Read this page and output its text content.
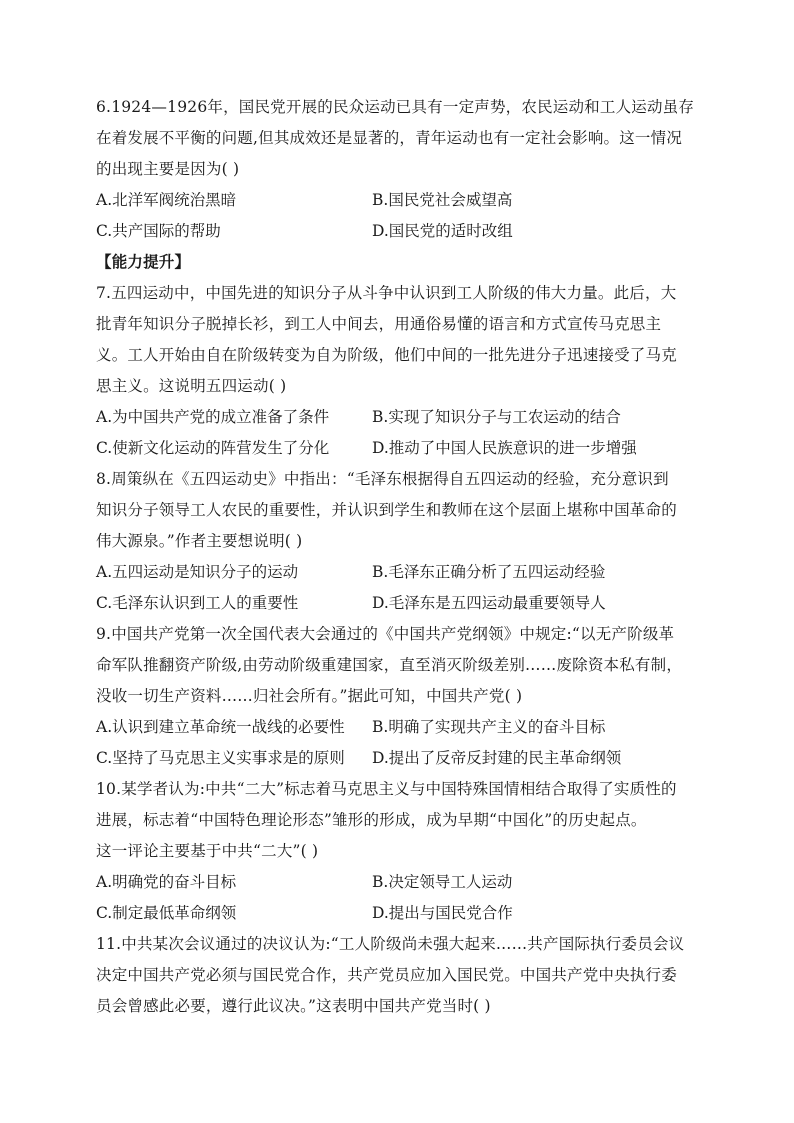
6.1924—1926年，国民党开展的民众运动已具有一定声势，农民运动和工人运动虽存
在着发展不平衡的问题,但其成效还是显著的，青年运动也有一定社会影响。这一情况
的出现主要是因为( )
A.北洋军阀统治黑暗	B.国民党社会威望高
C.共产国际的帮助	D.国民党的适时改组
【能力提升】
7.五四运动中，中国先进的知识分子从斗争中认识到工人阶级的伟大力量。此后，大
批青年知识分子脱掉长衫，到工人中间去，用通俗易懂的语言和方式宣传马克思主
义。工人开始由自在阶级转变为自为阶级，他们中间的一批先进分子迅速接受了马克
思主义。这说明五四运动( )
A.为中国共产党的成立准备了条件	B.实现了知识分子与工农运动的结合
C.使新文化运动的阵营发生了分化	D.推动了中国人民族意识的进一步增强
8.周策纵在《五四运动史》中指出：“毛泽东根据得自五四运动的经验，充分意识到
知识分子领导工人农民的重要性，并认识到学生和教师在这个层面上堪称中国革命的
伟大源泉。”作者主要想说明( )
A.五四运动是知识分子的运动	B.毛泽东正确分析了五四运动经验
C.毛泽东认识到工人的重要性	D.毛泽东是五四运动最重要领导人
9.中国共产党第一次全国代表大会通过的《中国共产党纲领》中规定:“以无产阶级革
命军队推翻资产阶级,由劳动阶级重建国家，直至消灭阶级差别……废除资本私有制，
没收一切生产资料……归社会所有。”据此可知，中国共产党( )
A.认识到建立革命统一战线的必要性	B.明确了实现共产主义的奋斗目标
C.坚持了马克思主义实事求是的原则	D.提出了反帝反封建的民主革命纲领
10.某学者认为:中共“二大”标志着马克思主义与中国特殊国情相结合取得了实质性的
进展，标志着“中国特色理论形态”雏形的形成，成为早期“中国化”的历史起点。
这一评论主要基于中共“二大”( )
A.明确党的奋斗目标	B.决定领导工人运动
C.制定最低革命纲领	D.提出与国民党合作
11.中共某次会议通过的决议认为:“工人阶级尚未强大起来……共产国际执行委员会议
决定中国共产党必须与国民党合作，共产党员应加入国民党。中国共产党中央执行委
员会曾感此必要，遵行此议决。”这表明中国共产党当时( )
